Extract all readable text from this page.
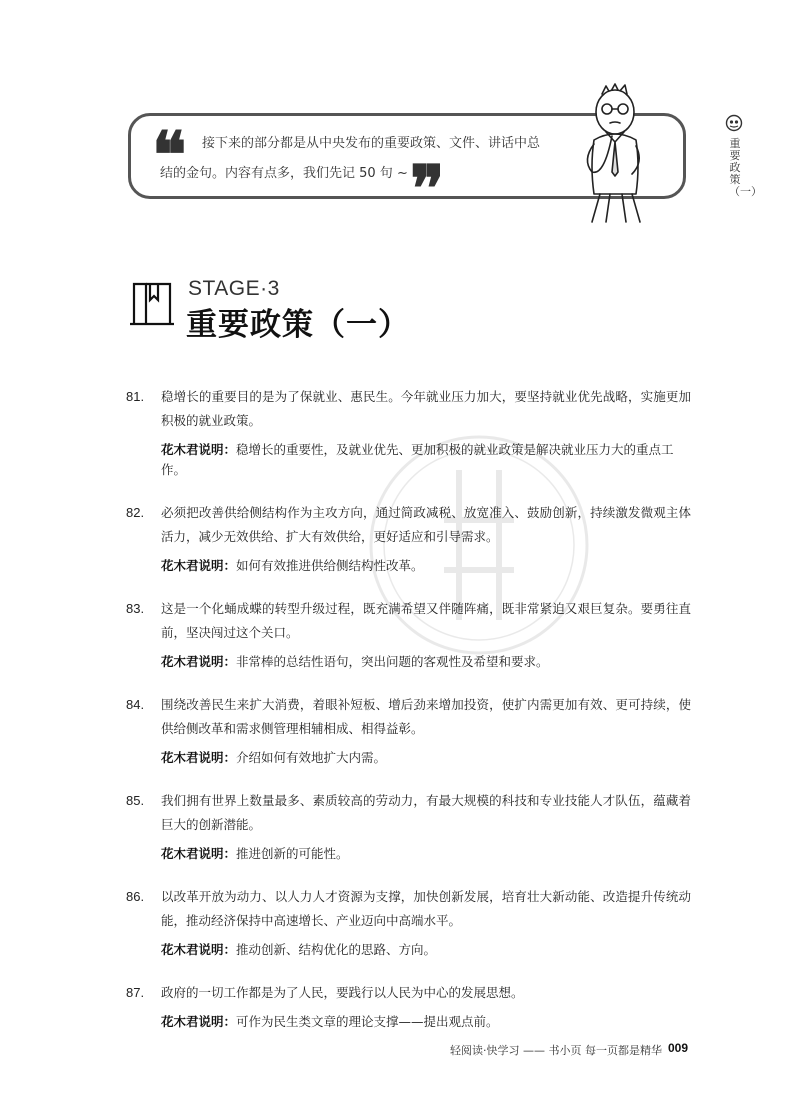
❝	接下来的部分都是从中央发布的重要政策、文件、讲话中总
结的金句。内容有点多，我们先记 50 句 ~ ❞
重要政策（一）
STAGE·3
重要政策（一）
81. 稳增长的重要目的是为了保就业、惠民生。今年就业压力加大，要坚持就业优先战略，实施更加积极的就业政策。
花木君说明：稳增长的重要性，及就业优先、更加积极的就业政策是解决就业压力大的重点工作。
82. 必须把改善供给侧结构作为主攻方向，通过简政减税、放宽准入、鼓励创新，持续激发微观主体活力，减少无效供给、扩大有效供给，更好适应和引导需求。
花木君说明：如何有效推进供给侧结构性改革。
83. 这是一个化蛹成蝶的转型升级过程，既充满希望又伴随阵痛，既非常紧迫又艰巨复杂。要勇往直前，坚决闯过这个关口。
花木君说明：非常棒的总结性语句，突出问题的客观性及希望和要求。
84. 围绕改善民生来扩大消费，着眼补短板、增后劲来增加投资，使扩内需更加有效、更可持续，使供给侧改革和需求侧管理相辅相成、相得益彰。
花木君说明：介绍如何有效地扩大内需。
85. 我们拥有世界上数量最多、素质较高的劳动力，有最大规模的科技和专业技能人才队伍，蕴藏着巨大的创新潜能。
花木君说明：推进创新的可能性。
86. 以改革开放为动力、以人力人才资源为支撑，加快创新发展，培育壮大新动能、改造提升传统动能，推动经济保持中高速增长、产业迈向中高端水平。
花木君说明：推动创新、结构优化的思路、方向。
87. 政府的一切工作都是为了人民，要践行以人民为中心的发展思想。
花木君说明：可作为民生类文章的理论支撑——提出观点前。
轻阅读·快学习 —— 书小页 每一页都是精华 009
